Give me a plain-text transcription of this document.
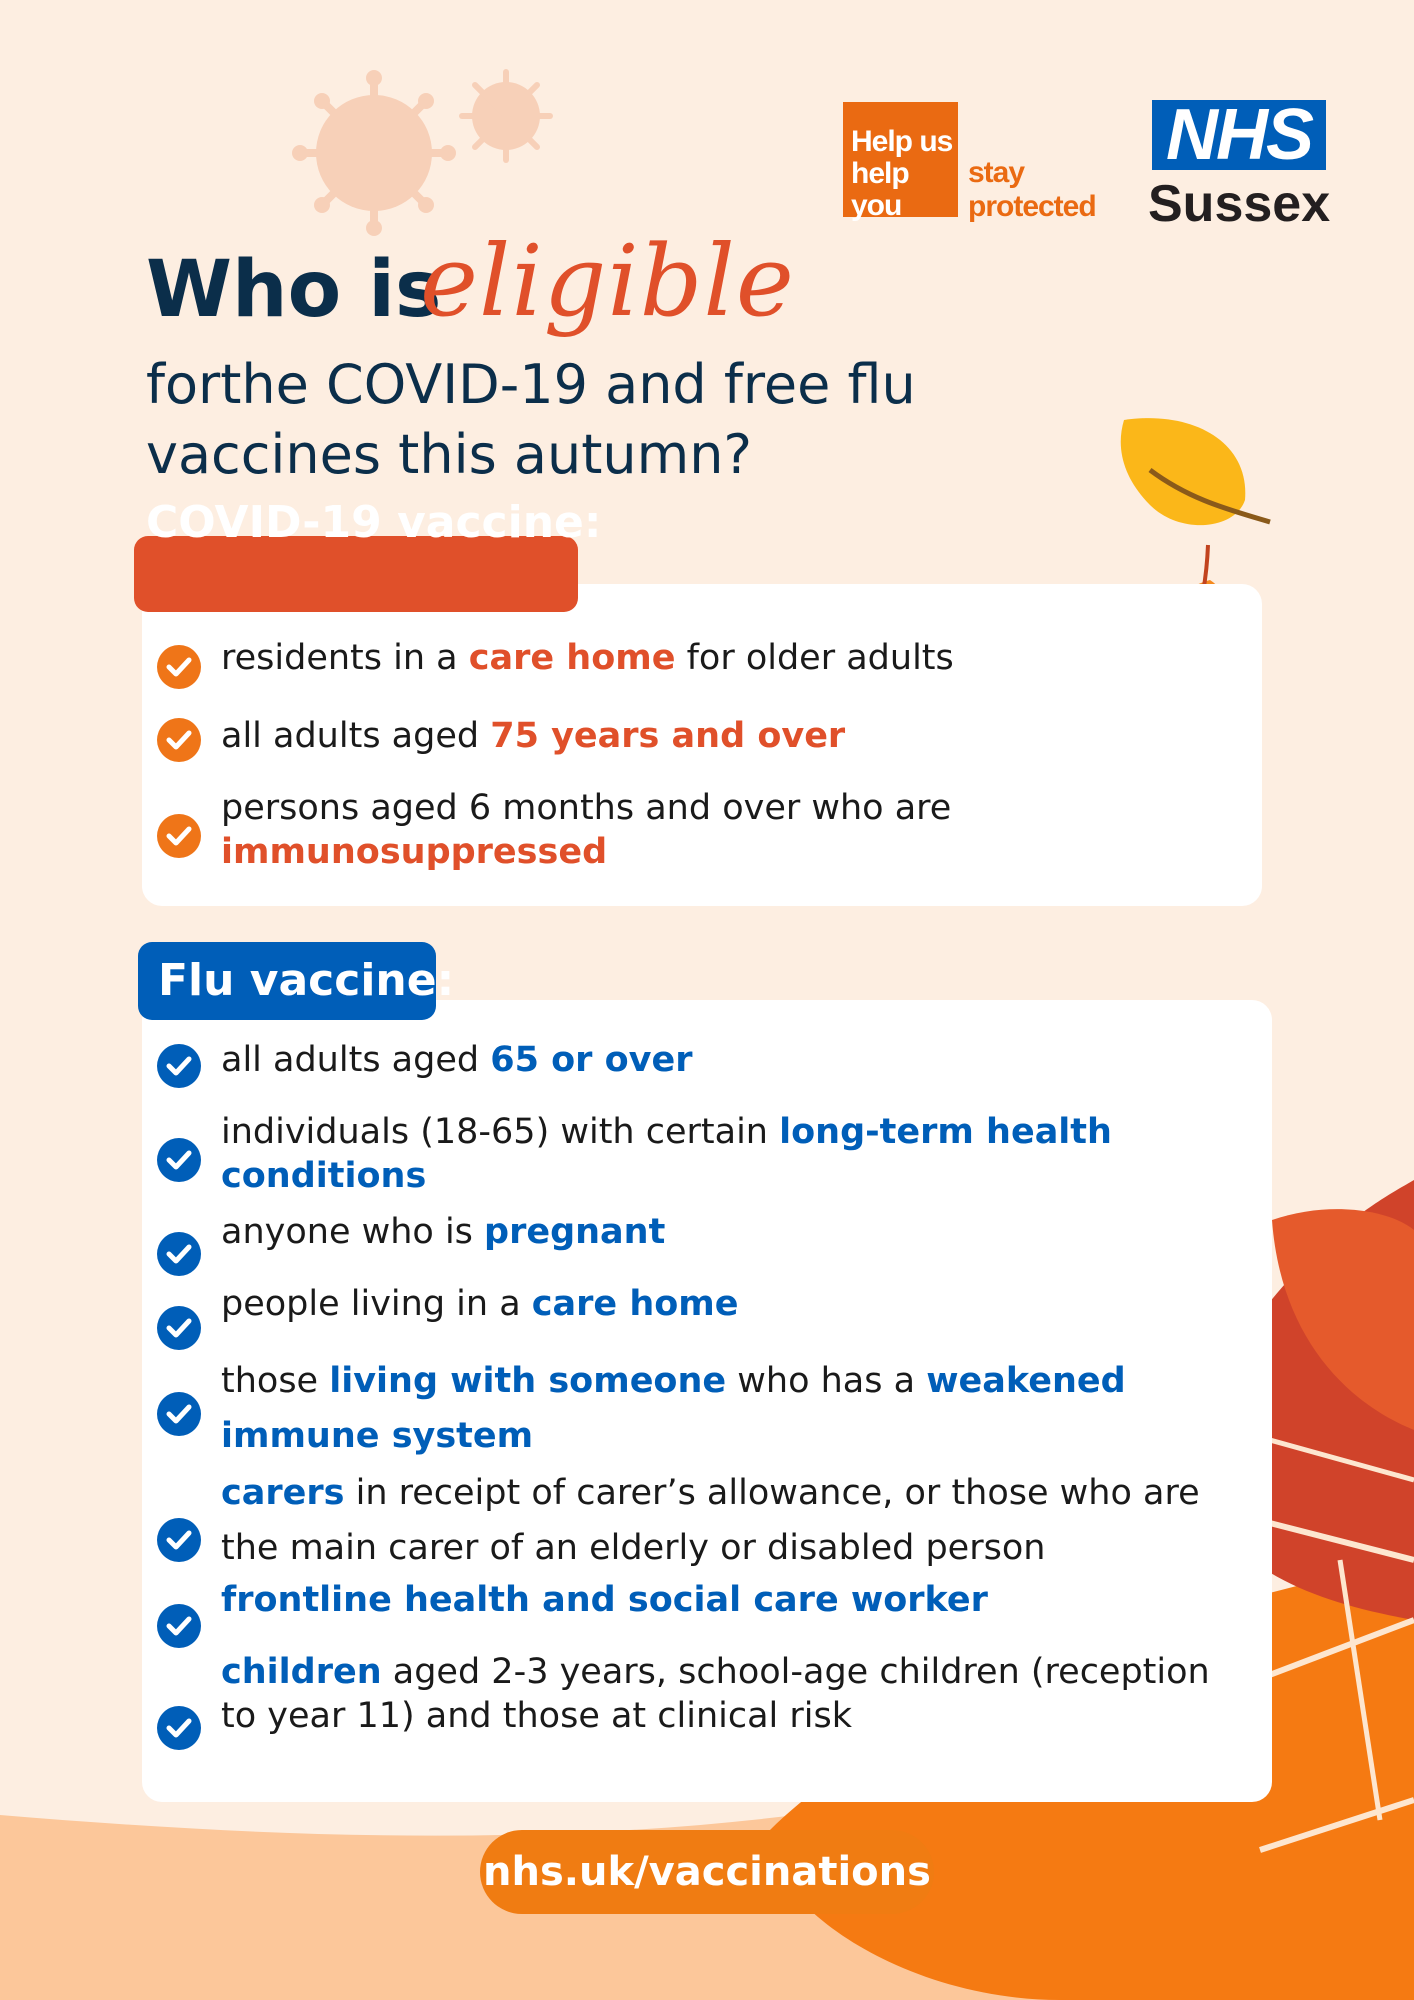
Help us
help you
stay
protected
NHS
Sussex
Who is
eligible
forthe COVID-19 and free flu
vaccines this autumn?
COVID-19 vaccine:
residents in a care home for older adults
all adults aged 75 years and over
persons aged 6 months and over who are
immunosuppressed
Flu vaccine:
all adults aged 65 or over
individuals (18-65) with certain long-term health
conditions
anyone who is pregnant
people living in a care home
those living with someone who has a weakened
immune system
carers in receipt of carer’s allowance, or those who are
the main carer of an elderly or disabled person
frontline health and social care worker
children aged 2-3 years, school-age children (reception
to year 11) and those at clinical risk
nhs.uk/vaccinations
